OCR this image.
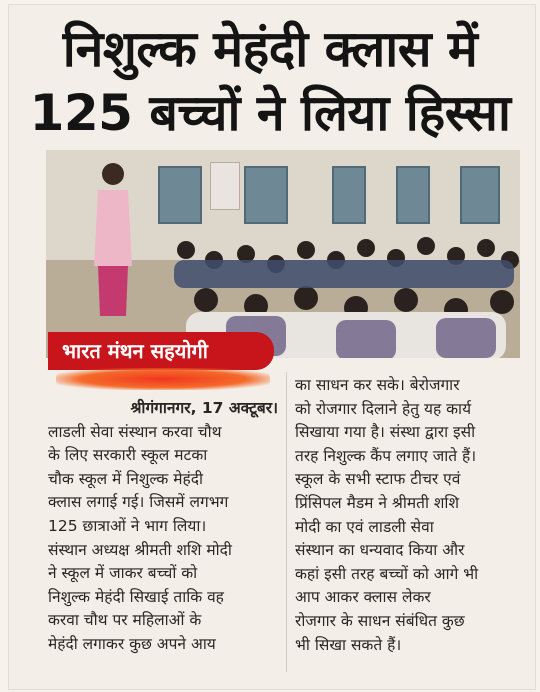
निशुल्क मेहंदी क्लास में
125 बच्चों ने लिया हिस्सा
भारत मंथन सहयोगी

श्रीगंगानगर, 17 अक्टूबर।

लाडली सेवा संस्थान करवा चौथ

के लिए सरकारी स्कूल मटका

चौक स्कूल में निशुल्क मेहंदी

क्लास लगाई गई। जिसमें लगभग

125 छात्राओं ने भाग लिया।

संस्थान अध्यक्ष श्रीमती शशि मोदी

ने स्कूल में जाकर बच्चों को

निशुल्क मेहंदी सिखाई ताकि वह

करवा चौथ पर महिलाओं के

मेहंदी लगाकर कुछ अपने आय

का साधन कर सके। बेरोजगार

को रोजगार दिलाने हेतु यह कार्य

सिखाया गया है। संस्था द्वारा इसी

तरह निशुल्क कैंप लगाए जाते हैं।

स्कूल के सभी स्टाफ टीचर एवं

प्रिंसिपल मैडम ने श्रीमती शशि

मोदी का एवं लाडली सेवा

संस्थान का धन्यवाद किया और

कहां इसी तरह बच्चों को आगे भी

आप आकर क्लास लेकर

रोजगार के साधन संबंधित कुछ

भी सिखा सकते हैं।
